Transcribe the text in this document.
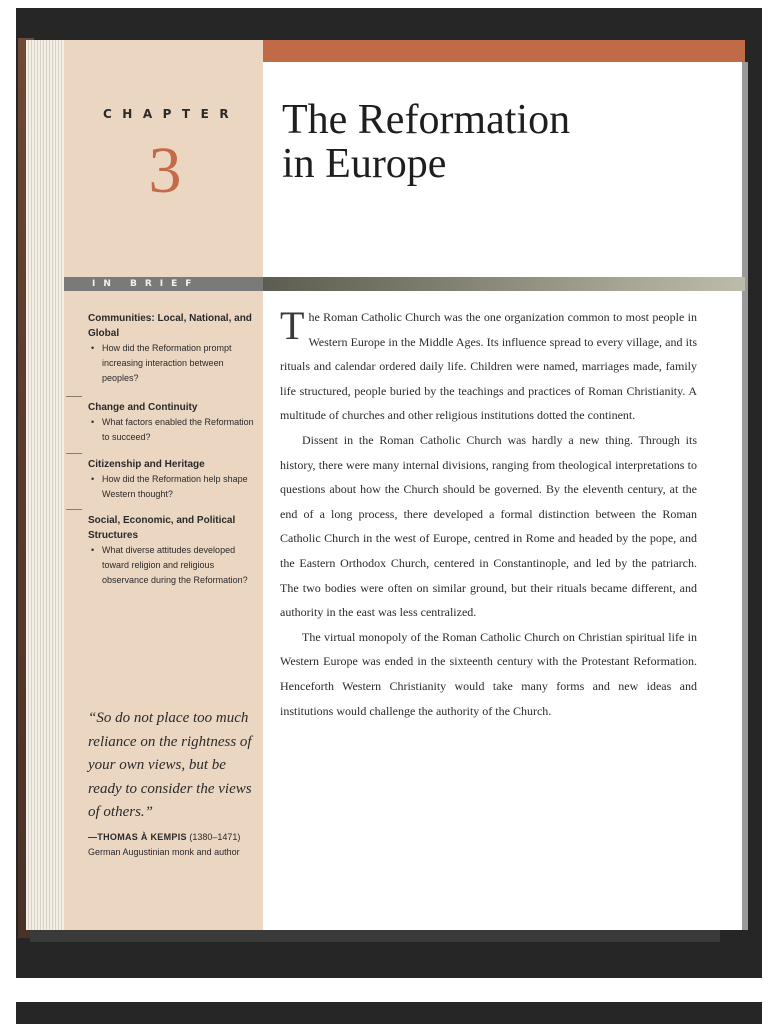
CHAPTER
3
The Reformation
in Europe
IN BRIEF
Communities: Local, National, and Global
• How did the Reformation prompt increasing interaction between peoples?
Change and Continuity
• What factors enabled the Reformation to succeed?
Citizenship and Heritage
• How did the Reformation help shape Western thought?
Social, Economic, and Political Structures
• What diverse attitudes developed toward religion and religious observance during the Reformation?
“So do not place too much reliance on the rightness of your own views, but be ready to consider the views of others.”
—THOMAS À KEMPIS (1380–1471)
German Augustinian monk and author

The Roman Catholic Church was the one organization common to most people in Western Europe in the Middle Ages. Its influence spread to every village, and its rituals and calendar ordered daily life. Children were named, marriages made, family life structured, people buried by the teachings and practices of Roman Christianity. A multitude of churches and other religious institutions dotted the continent.

Dissent in the Roman Catholic Church was hardly a new thing. Through its history, there were many internal divisions, ranging from theological interpretations to questions about how the Church should be governed. By the eleventh century, at the end of a long process, there developed a formal distinction between the Roman Catholic Church in the west of Europe, centred in Rome and headed by the pope, and the Eastern Orthodox Church, centered in Constantinople, and led by the patriarch. The two bodies were often on similar ground, but their rituals became different, and authority in the east was less centralized.

The virtual monopoly of the Roman Catholic Church on Christian spiritual life in Western Europe was ended in the sixteenth century with the Protestant Reformation. Henceforth Western Christianity would take many forms and new ideas and institutions would challenge the authority of the Church.
